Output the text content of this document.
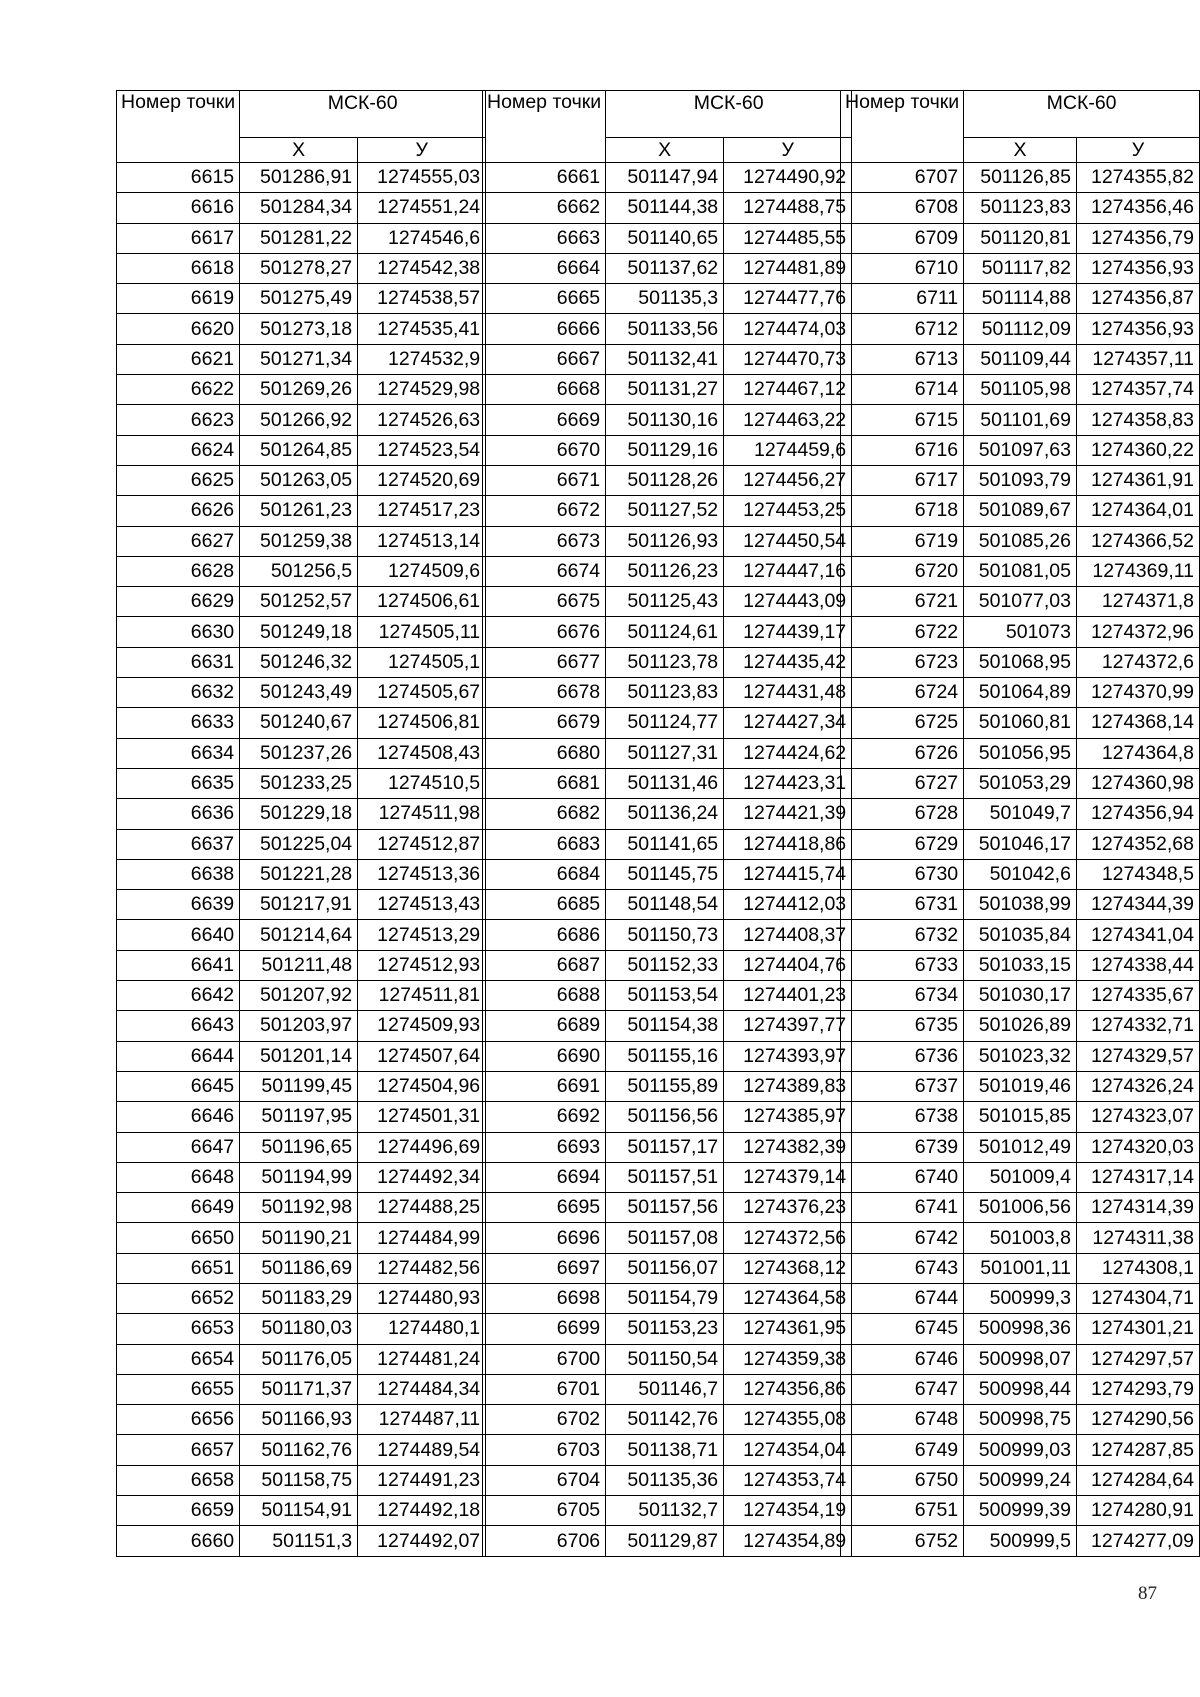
Номер точки	МСК-60	
	Х	У
6615	501286,91	1274555,03
6616	501284,34	1274551,24
6617	501281,22	1274546,6
6618	501278,27	1274542,38
6619	501275,49	1274538,57
6620	501273,18	1274535,41
6621	501271,34	1274532,9
6622	501269,26	1274529,98
6623	501266,92	1274526,63
6624	501264,85	1274523,54
6625	501263,05	1274520,69
6626	501261,23	1274517,23
6627	501259,38	1274513,14
6628	501256,5	1274509,6
6629	501252,57	1274506,61
6630	501249,18	1274505,11
6631	501246,32	1274505,1
6632	501243,49	1274505,67
6633	501240,67	1274506,81
6634	501237,26	1274508,43
6635	501233,25	1274510,5
6636	501229,18	1274511,98
6637	501225,04	1274512,87
6638	501221,28	1274513,36
6639	501217,91	1274513,43
6640	501214,64	1274513,29
6641	501211,48	1274512,93
6642	501207,92	1274511,81
6643	501203,97	1274509,93
6644	501201,14	1274507,64
6645	501199,45	1274504,96
6646	501197,95	1274501,31
6647	501196,65	1274496,69
6648	501194,99	1274492,34
6649	501192,98	1274488,25
6650	501190,21	1274484,99
6651	501186,69	1274482,56
6652	501183,29	1274480,93
6653	501180,03	1274480,1
6654	501176,05	1274481,24
6655	501171,37	1274484,34
6656	501166,93	1274487,11
6657	501162,76	1274489,54
6658	501158,75	1274491,23
6659	501154,91	1274492,18
6660	501151,3	1274492,07
Номер точки	МСК-60	
	Х	У
6661	501147,94	1274490,92
6662	501144,38	1274488,75
6663	501140,65	1274485,55
6664	501137,62	1274481,89
6665	501135,3	1274477,76
6666	501133,56	1274474,03
6667	501132,41	1274470,73
6668	501131,27	1274467,12
6669	501130,16	1274463,22
6670	501129,16	1274459,6
6671	501128,26	1274456,27
6672	501127,52	1274453,25
6673	501126,93	1274450,54
6674	501126,23	1274447,16
6675	501125,43	1274443,09
6676	501124,61	1274439,17
6677	501123,78	1274435,42
6678	501123,83	1274431,48
6679	501124,77	1274427,34
6680	501127,31	1274424,62
6681	501131,46	1274423,31
6682	501136,24	1274421,39
6683	501141,65	1274418,86
6684	501145,75	1274415,74
6685	501148,54	1274412,03
6686	501150,73	1274408,37
6687	501152,33	1274404,76
6688	501153,54	1274401,23
6689	501154,38	1274397,77
6690	501155,16	1274393,97
6691	501155,89	1274389,83
6692	501156,56	1274385,97
6693	501157,17	1274382,39
6694	501157,51	1274379,14
6695	501157,56	1274376,23
6696	501157,08	1274372,56
6697	501156,07	1274368,12
6698	501154,79	1274364,58
6699	501153,23	1274361,95
6700	501150,54	1274359,38
6701	501146,7	1274356,86
6702	501142,76	1274355,08
6703	501138,71	1274354,04
6704	501135,36	1274353,74
6705	501132,7	1274354,19
6706	501129,87	1274354,89
Номер точки	МСК-60	
	Х	У
6707	501126,85	1274355,82
6708	501123,83	1274356,46
6709	501120,81	1274356,79
6710	501117,82	1274356,93
6711	501114,88	1274356,87
6712	501112,09	1274356,93
6713	501109,44	1274357,11
6714	501105,98	1274357,74
6715	501101,69	1274358,83
6716	501097,63	1274360,22
6717	501093,79	1274361,91
6718	501089,67	1274364,01
6719	501085,26	1274366,52
6720	501081,05	1274369,11
6721	501077,03	1274371,8
6722	501073	1274372,96
6723	501068,95	1274372,6
6724	501064,89	1274370,99
6725	501060,81	1274368,14
6726	501056,95	1274364,8
6727	501053,29	1274360,98
6728	501049,7	1274356,94
6729	501046,17	1274352,68
6730	501042,6	1274348,5
6731	501038,99	1274344,39
6732	501035,84	1274341,04
6733	501033,15	1274338,44
6734	501030,17	1274335,67
6735	501026,89	1274332,71
6736	501023,32	1274329,57
6737	501019,46	1274326,24
6738	501015,85	1274323,07
6739	501012,49	1274320,03
6740	501009,4	1274317,14
6741	501006,56	1274314,39
6742	501003,8	1274311,38
6743	501001,11	1274308,1
6744	500999,3	1274304,71
6745	500998,36	1274301,21
6746	500998,07	1274297,57
6747	500998,44	1274293,79
6748	500998,75	1274290,56
6749	500999,03	1274287,85
6750	500999,24	1274284,64
6751	500999,39	1274280,91
6752	500999,5	1274277,09
87
